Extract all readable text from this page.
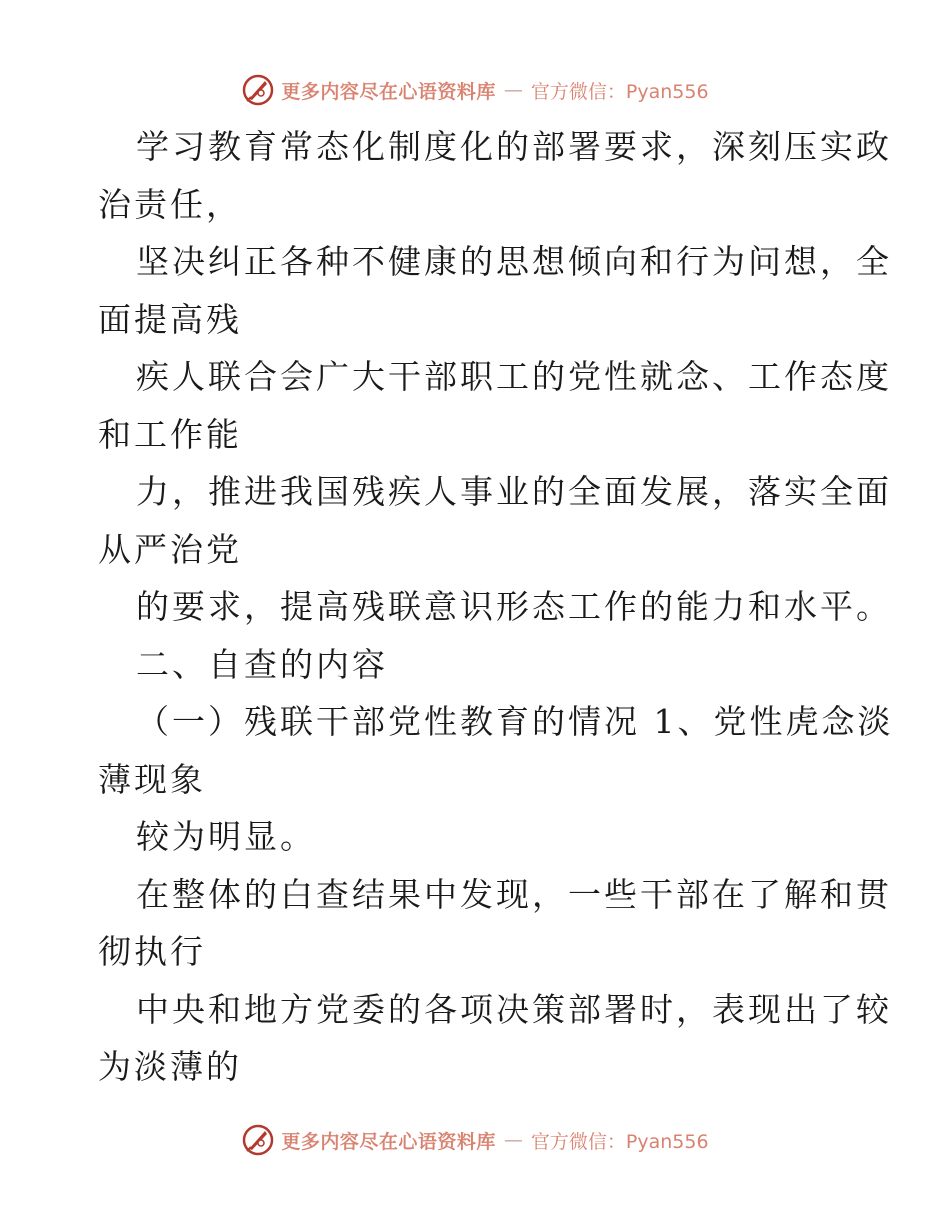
更多内容尽在心语资料库 — 官方微信：Pyan556
学习教育常态化制度化的部署要求，深刻压实政
治责任，
坚决纠正各种不健康的思想倾向和行为问想，全
面提高残
疾人联合会广大干部职工的党性就念、工作态度
和工作能
力，推进我国残疾人事业的全面发展，落实全面
从严治党
的要求，提高残联意识形态工作的能力和水平。
二、自查的内容
（一）残联干部党性教育的情况 1、党性虎念淡
薄现象
较为明显。
在整体的白查结果中发现，一些干部在了解和贯
彻执行
中央和地方党委的各项决策部署时，表现出了较
为淡薄的
更多内容尽在心语资料库 — 官方微信：Pyan556
